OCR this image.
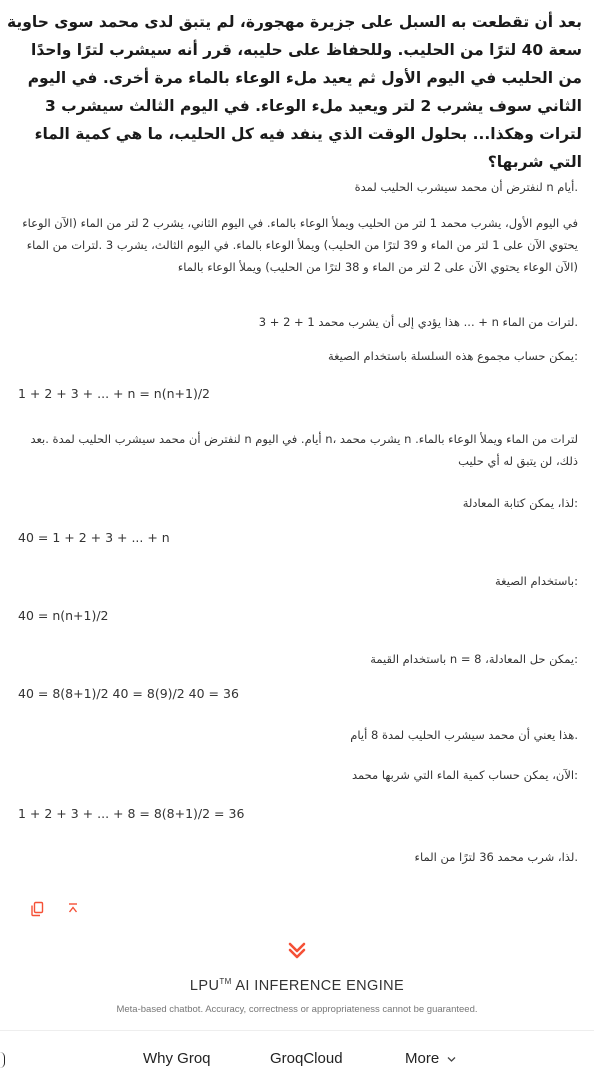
بعد أن تقطعت به السبل على جزيرة مهجورة، لم يتبق لدى محمد سوى حاوية سعة 40 لترًا من الحليب. وللحفاظ على حليبه، قرر أنه سيشرب لترًا واحدًا من الحليب في اليوم الأول ثم يعيد ملء الوعاء بالماء مرة أخرى. في اليوم الثاني سوف يشرب 2 لتر ويعيد ملء الوعاء. في اليوم الثالث سيشرب 3 لترات وهكذا... بحلول الوقت الذي ينفد فيه كل الحليب، ما هي كمية الماء التي شربها؟
.أيام n لنفترض أن محمد سيشرب الحليب لمدة
في اليوم الأول، يشرب محمد 1 لتر من الحليب ويملأ الوعاء بالماء. في اليوم الثاني، يشرب 2 لتر من الماء (الآن الوعاء يحتوي الآن على 1 لتر من الماء و 39 لترًا من الحليب) ويملأ الوعاء بالماء. في اليوم الثالث، يشرب 3 .لترات من الماء (الآن الوعاء يحتوي الآن على 2 لتر من الماء و 38 لترًا من الحليب) ويملأ الوعاء بالماء
.لترات من الماء n + ... هذا يؤدي إلى أن يشرب محمد 1 + 2 + 3
:يمكن حساب مجموع هذه السلسلة باستخدام الصيغة
1 + 2 + 3 + ... + n = n(n+1)/2
لترات من الماء ويملأ الوعاء بالماء. n يشرب محمد ،n أيام. في اليوم n لنفترض أن محمد سيشرب الحليب لمدة .بعد ذلك، لن يتبق له أي حليب
:لذا، يمكن كتابة المعادلة
40 = 1 + 2 + 3 + ... + n
:باستخدام الصيغة
40 = n(n+1)/2
:يمكن حل المعادلة، n = 8 باستخدام القيمة
40 = 8(8+1)/2 40 = 8(9)/2 40 = 36
.هذا يعني أن محمد سيشرب الحليب لمدة 8 أيام
:الآن، يمكن حساب كمية الماء التي شربها محمد
1 + 2 + 3 + ... + 8 = 8(8+1)/2 = 36
.لذا، شرب محمد 36 لترًا من الماء
LPU™ AI INFERENCE ENGINE
Meta-based chatbot. Accuracy, correctness or appropriateness cannot be guaranteed.
Why Groq	GroqCloud	More
